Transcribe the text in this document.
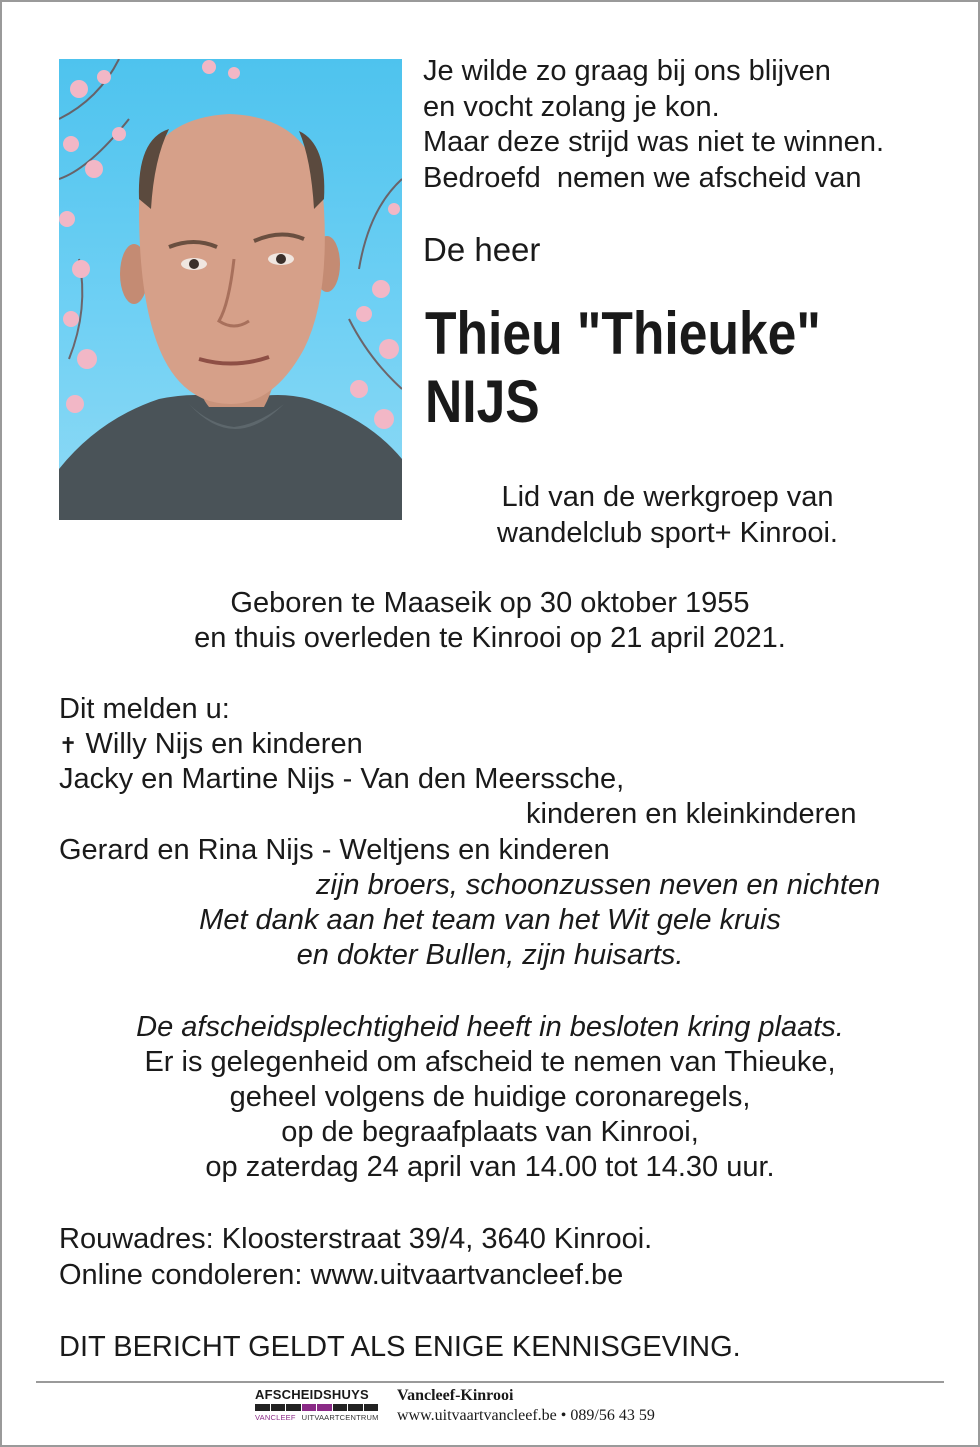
Je wilde zo graag bij ons blijven
en vocht zolang je kon.
Maar deze strijd was niet te winnen.
Bedroefd  nemen we afscheid van
De heer
Thieu "Thieuke"
NIJS
Lid van de werkgroep van
wandelclub sport+ Kinrooi.
Geboren te Maaseik op 30 oktober 1955
en thuis overleden te Kinrooi op 21 april 2021.
Dit melden u:
✝ Willy Nijs en kinderen
Jacky en Martine Nijs - Van den Meerssche,
kinderen en kleinkinderen
Gerard en Rina Nijs - Weltjens en kinderen
zijn broers, schoonzussen neven en nichten
Met dank aan het team van het Wit gele kruis
en dokter Bullen, zijn huisarts.
De afscheidsplechtigheid heeft in besloten kring plaats.
Er is gelegenheid om afscheid te nemen van Thieuke,
geheel volgens de huidige coronaregels,
op de begraafplaats van Kinrooi,
op zaterdag 24 april van 14.00 tot 14.30 uur.
Rouwadres: Kloosterstraat 39/4, 3640 Kinrooi.
Online condoleren: www.uitvaartvancleef.be
DIT BERICHT GELDT ALS ENIGE KENNISGEVING.
AFSCHEIDSHUYS
VANCLEEF UITVAARTCENTRUM
Vancleef-Kinrooi
www.uitvaartvancleef.be • 089/56 43 59
